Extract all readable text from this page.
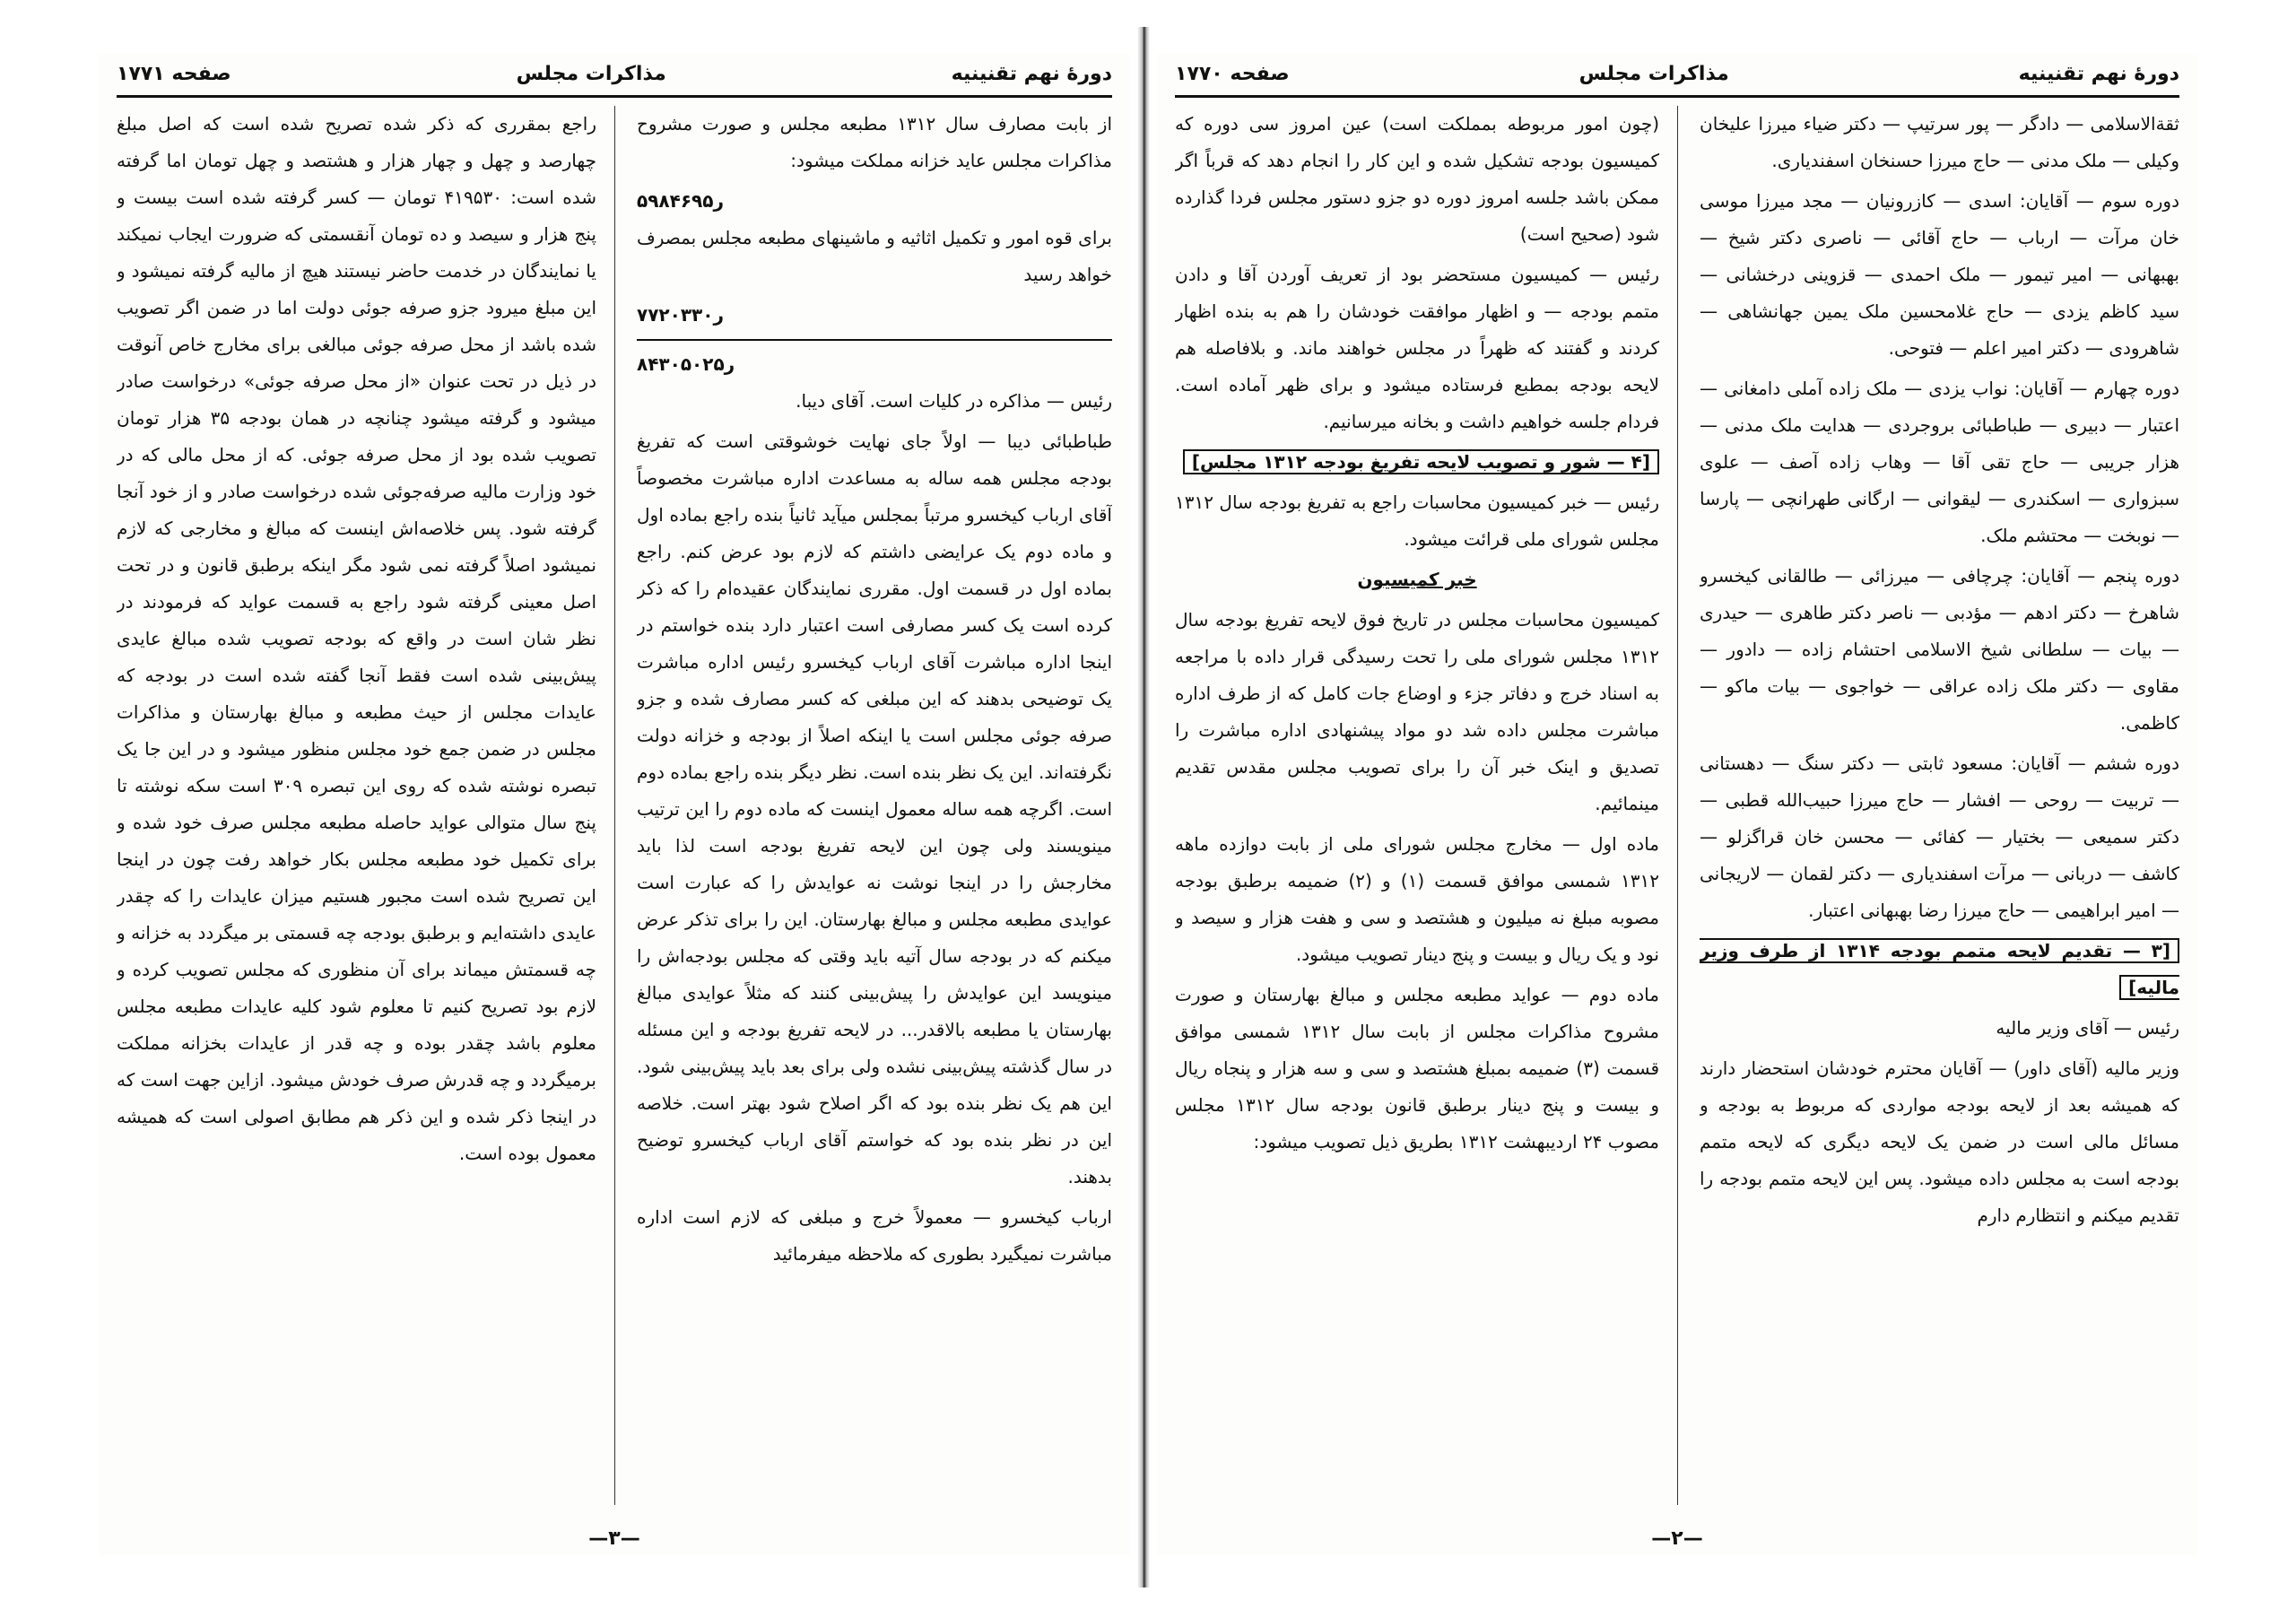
دورهٔ نهم تقنینیه
مذاکرات مجلس
صفحه ۱۷۷۱

از بابت مصارف سال ۱۳۱۲ مطبعه مجلس و صورت مشروح مذاکرات مجلس عاید خزانه مملکت میشود:

۵۹۸۴۶ر۹۵

برای قوه امور و تکمیل اثاثیه و ماشینهای مطبعه مجلس بمصرف خواهد رسید

۷۷۲۰۳ر۳۰
۸۴۳۰۵۰ر۲۵

رئیس — مذاکره در کلیات است. آقای دیبا.

طباطبائی دیبا — اولاً جای نهایت خوشوقتی است که تفریغ بودجه مجلس همه ساله به مساعدت اداره مباشرت مخصوصاً آقای ارباب کیخسرو مرتباً بمجلس میآید ثانیاً بنده راجع بماده اول و ماده دوم یک عرایضی داشتم که لازم بود عرض کنم. راجع بماده اول در قسمت اول. مقرری نمایندگان عقیده‌ام را که ذکر کرده است یک کسر مصارفی است اعتبار دارد بنده خواستم در اینجا اداره مباشرت آقای ارباب کیخسرو رئیس اداره مباشرت یک توضیحی بدهند که این مبلغی که کسر مصارف شده و جزو صرفه جوئی مجلس است یا اینکه اصلاً از بودجه و خزانه دولت نگرفته‌اند. این یک نظر بنده است. نظر دیگر بنده راجع بماده دوم است. اگرچه همه ساله معمول اینست که ماده دوم را این ترتیب مینویسند ولی چون این لایحه تفریغ بودجه است لذا باید مخارجش را در اینجا نوشت نه عوایدش را که عبارت است عوایدی مطبعه مجلس و مبالغ بهارستان. این را برای تذکر عرض میکنم که در بودجه سال آتیه باید وقتی که مجلس بودجه‌اش را مینویسد این عوایدش را پیش‌بینی کنند که مثلاً عوایدی مبالغ بهارستان یا مطبعه بالاقدر... در لایحه تفریغ بودجه و این مسئله در سال گذشته پیش‌بینی نشده ولی برای بعد باید پیش‌بینی شود. این هم یک نظر بنده بود که اگر اصلاح شود بهتر است. خلاصه این در نظر بنده بود که خواستم آقای ارباب کیخسرو توضیح بدهند.

ارباب کیخسرو — معمولاً خرج و مبلغی که لازم است اداره مباشرت نمیگیرد بطوری که ملاحظه میفرمائید

راجع بمقرری که ذکر شده تصریح شده است که اصل مبلغ چهارصد و چهل و چهار هزار و هشتصد و چهل تومان اما گرفته شده است: ۴۱۹۵۳۰ تومان — کسر گرفته شده است بیست و پنج هزار و سیصد و ده تومان آنقسمتی که ضرورت ایجاب نمیکند یا نمایندگان در خدمت حاضر نیستند هیچ از مالیه گرفته نمیشود و این مبلغ میرود جزو صرفه جوئی دولت اما در ضمن اگر تصویب شده باشد از محل صرفه جوئی مبالغی برای مخارج خاص آنوقت در ذیل در تحت عنوان «از محل صرفه جوئی» درخواست صادر میشود و گرفته میشود چنانچه در همان بودجه ۳۵ هزار تومان تصویب شده بود از محل صرفه جوئی. که از محل مالی که در خود وزارت مالیه صرفه‌جوئی شده درخواست صادر و از خود آنجا گرفته شود. پس خلاصه‌اش اینست که مبالغ و مخارجی که لازم نمیشود اصلاً گرفته نمی شود مگر اینکه برطبق قانون و در تحت اصل معینی گرفته شود راجع به قسمت عواید که فرمودند در نظر شان است در واقع که بودجه تصویب شده مبالغ عایدی پیش‌بینی شده است فقط آنجا گفته شده است در بودجه که عایدات مجلس از حیث مطبعه و مبالغ بهارستان و مذاکرات مجلس در ضمن جمع خود مجلس منظور میشود و در این جا یک تبصره نوشته شده که روی این تبصره ۳۰۹ است سکه نوشته تا پنج سال متوالی عواید حاصله مطبعه مجلس صرف خود شده و برای تکمیل خود مطبعه مجلس بکار خواهد رفت چون در اینجا این تصریح شده است مجبور هستیم میزان عایدات را که چقدر عایدی داشته‌ایم و برطبق بودجه چه قسمتی بر میگردد به خزانه و چه قسمتش میماند برای آن منظوری که مجلس تصویب کرده و لازم بود تصریح کنیم تا معلوم شود کلیه عایدات مطبعه مجلس معلوم باشد چقدر بوده و چه قدر از عایدات بخزانه مملکت برمیگردد و چه قدرش صرف خودش میشود. ازاین جهت است که در اینجا ذکر شده و این ذکر هم مطابق اصولی است که همیشه معمول بوده است.

—۳—
دورهٔ نهم تقنینیه
مذاکرات مجلس
صفحه ۱۷۷۰

ثقةالاسلامی — دادگر — پور سرتیپ — دکتر ضیاء میرزا علیخان وکیلی — ملک مدنی — حاج میرزا حسنخان اسفندیاری.

دوره سوم — آقایان: اسدی — کازرونیان — مجد میرزا موسی خان مرآت — ارباب — حاج آقائی — ناصری دکتر شیخ — بهبهانی — امیر تیمور — ملک احمدی — قزوینی درخشانی — سید کاظم یزدی — حاج غلامحسین ملک یمین جهانشاهی — شاهرودی — دکتر امیر اعلم — فتوحی.

دوره چهارم — آقایان: نواب یزدی — ملک زاده آملی دامغانی — اعتبار — دبیری — طباطبائی بروجردی — هدایت ملک مدنی — هزار جریبی — حاج تقی آقا — وهاب زاده آصف — علوی سبزواری — اسکندری — لیقوانی — ارگانی طهرانچی — پارسا — نوبخت — محتشم ملک.

دوره پنجم — آقایان: چرچافی — میرزائی — طالقانی کیخسرو شاهرخ — دکتر ادهم — مؤدبی — ناصر دکتر طاهری — حیدری — بیات — سلطانی شیخ الاسلامی احتشام زاده — دادور — مقاوی — دکتر ملک زاده عراقی — خواجوی — بیات ماکو — کاظمی.

دوره ششم — آقایان: مسعود ثابتی — دکتر سنگ — دهستانی — تربیت — روحی — افشار — حاج میرزا حبیب‌الله قطبی — دکتر سمیعی — بختیار — کفائی — محسن خان قراگزلو — کاشف — دربانی — مرآت اسفندیاری — دکتر لقمان — لاریجانی — امیر ابراهیمی — حاج میرزا رضا بهبهانی اعتبار.

[۳ — تقدیم لایحه متمم بودجه ۱۳۱۴ از طرف وزیر مالیه]

رئیس — آقای وزیر مالیه

وزیر مالیه (آقای داور) — آقایان محترم خودشان استحضار دارند که همیشه بعد از لایحه بودجه مواردی که مربوط به بودجه و مسائل مالی است در ضمن یک لایحه دیگری که لایحه متمم بودجه است به مجلس داده میشود. پس این لایحه متمم بودجه را تقدیم میکنم و انتظارم دارم

(چون امور مربوطه بمملکت است) عین امروز سی دوره که کمیسیون بودجه تشکیل شده و این کار را انجام دهد که قرباً اگر ممکن باشد جلسه امروز دوره دو جزو دستور مجلس فردا گذارده شود (صحیح است)

رئیس — کمیسیون مستحضر بود از تعریف آوردن آقا و دادن متمم بودجه — و اظهار موافقت خودشان را هم به بنده اظهار کردند و گفتند که ظهراً در مجلس خواهند ماند. و بلافاصله هم لایحه بودجه بمطبع فرستاده میشود و برای ظهر آماده است. فردام جلسه خواهیم داشت و بخانه میرسانیم.

[۴ — شور و تصویب لایحه تفریغ بودجه ۱۳۱۲ مجلس]

رئیس — خبر کمیسیون محاسبات راجع به تفریغ بودجه سال ۱۳۱۲ مجلس شورای ملی قرائت میشود.

خبر کمیسیون

کمیسیون محاسبات مجلس در تاریخ فوق لایحه تفریغ بودجه سال ۱۳۱۲ مجلس شورای ملی را تحت رسیدگی قرار داده با مراجعه به اسناد خرج و دفاتر جزء و اوضاع جات کامل که از طرف اداره مباشرت مجلس داده شد دو مواد پیشنهادی اداره مباشرت را تصدیق و اینک خبر آن را برای تصویب مجلس مقدس تقدیم مینمائیم.

ماده اول — مخارج مجلس شورای ملی از بابت دوازده ماهه ۱۳۱۲ شمسی موافق قسمت (۱) و (۲) ضمیمه برطبق بودجه مصوبه مبلغ نه میلیون و هشتصد و سی و هفت هزار و سیصد و نود و یک ریال و بیست و پنج دینار تصویب میشود.

ماده دوم — عواید مطبعه مجلس و مبالغ بهارستان و صورت مشروح مذاکرات مجلس از بابت سال ۱۳۱۲ شمسی موافق قسمت (۳) ضمیمه بمبلغ هشتصد و سی و سه هزار و پنجاه ریال و بیست و پنج دینار برطبق قانون بودجه سال ۱۳۱۲ مجلس مصوب ۲۴ اردیبهشت ۱۳۱۲ بطریق ذیل تصویب میشود:

—۲—
